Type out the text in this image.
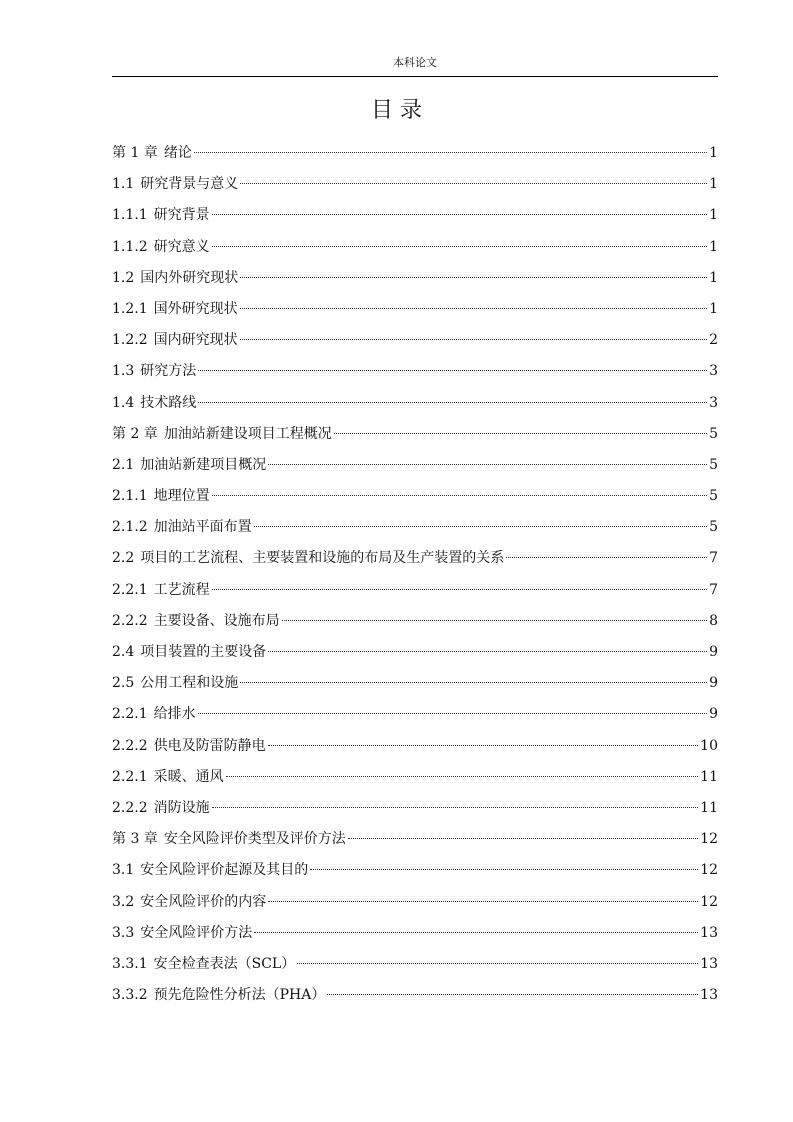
本科论文
目 录
第 1 章 绪论	1
1.1 研究背景与意义	1
1.1.1 研究背景	1
1.1.2 研究意义	1
1.2 国内外研究现状	1
1.2.1 国外研究现状	1
1.2.2 国内研究现状	2
1.3 研究方法	3
1.4 技术路线	3
第 2 章 加油站新建设项目工程概况	5
2.1 加油站新建项目概况	5
2.1.1 地理位置	5
2.1.2 加油站平面布置	5
2.2 项目的工艺流程、主要装置和设施的布局及生产装置的关系	7
2.2.1 工艺流程	7
2.2.2 主要设备、设施布局	8
2.4 项目装置的主要设备	9
2.5 公用工程和设施	9
2.2.1 给排水	9
2.2.2 供电及防雷防静电	10
2.2.1 采暖、通风	11
2.2.2 消防设施	11
第 3 章 安全风险评价类型及评价方法	12
3.1 安全风险评价起源及其目的	12
3.2 安全风险评价的内容	12
3.3 安全风险评价方法	13
3.3.1 安全检查表法（SCL）	13
3.3.2 预先危险性分析法（PHA）	13
